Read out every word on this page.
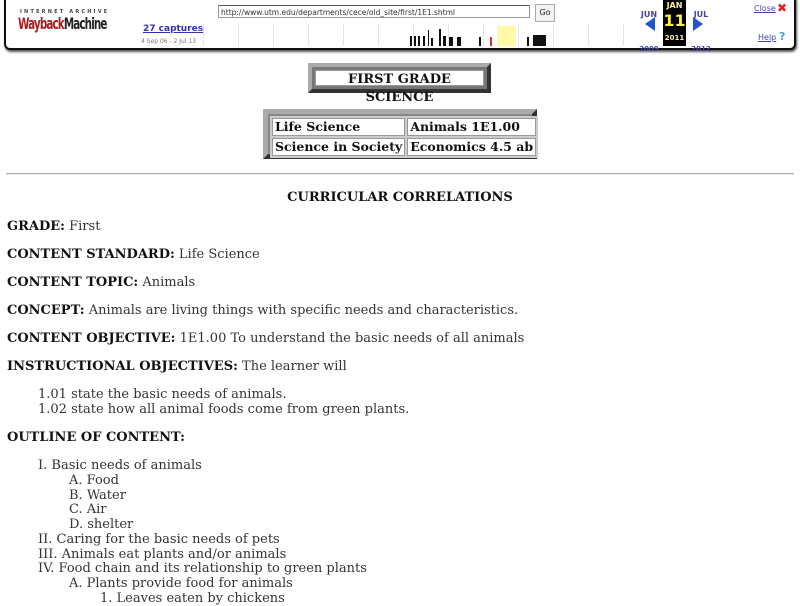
INTERNET ARCHIVE
WaybackMachine	27 captures
4 Sep 06 - 2 Jul 13
http://www.utm.edu/departments/cece/old_site/first/1E1.shtml	Go	JUN
2009
JAN
11
2011
JUL
2012
Close ✖
Help ?
FIRST GRADE SCIENCE
Life Science	Animals 1E1.00
Science in Society	Economics 4.5 ab
CURRICULAR CORRELATIONS
GRADE: First
CONTENT STANDARD: Life Science
CONTENT TOPIC: Animals
CONCEPT: Animals are living things with specific needs and characteristics.
CONTENT OBJECTIVE: 1E1.00 To understand the basic needs of all animals
INSTRUCTIONAL OBJECTIVES: The learner will
1.01 state the basic needs of animals.
1.02 state how all animal foods come from green plants.
OUTLINE OF CONTENT:
I. Basic needs of animals
A. Food
B. Water
C. Air
D. shelter
II. Caring for the basic needs of pets
III. Animals eat plants and/or animals
IV. Food chain and its relationship to green plants
A. Plants provide food for animals
1. Leaves eaten by chickens
